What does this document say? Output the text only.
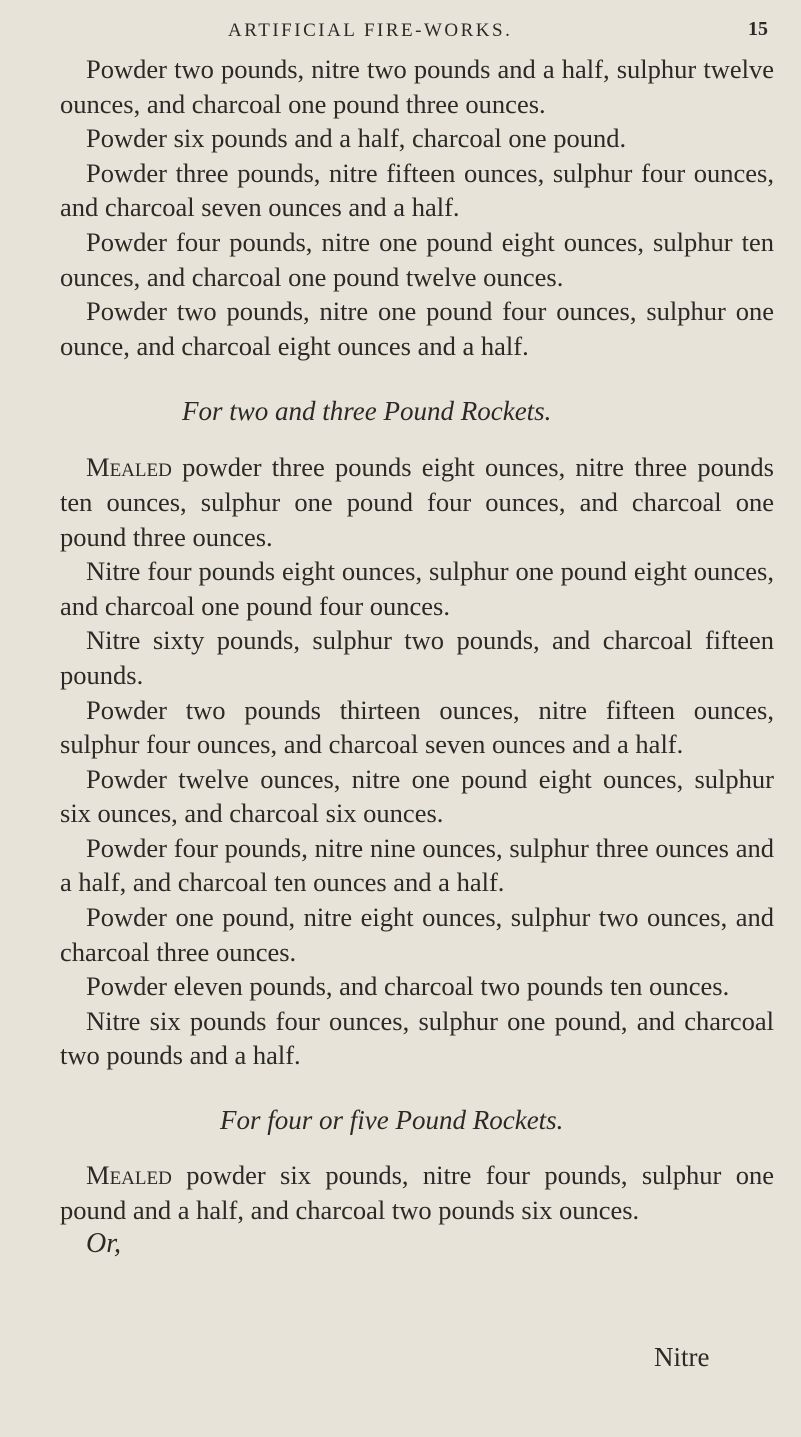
ARTIFICIAL FIRE-WORKS.	15

Powder two pounds, nitre two pounds and a half, sulphur twelve ounces, and charcoal one pound three ounces.

Powder six pounds and a half, charcoal one pound.

Powder three pounds, nitre fifteen ounces, sulphur four ounces, and charcoal seven ounces and a half.

Powder four pounds, nitre one pound eight ounces, sulphur ten ounces, and charcoal one pound twelve ounces.

Powder two pounds, nitre one pound four ounces, sulphur one ounce, and charcoal eight ounces and a half.

For two and three Pound Rockets.

Mealed powder three pounds eight ounces, nitre three pounds ten ounces, sulphur one pound four ounces, and charcoal one pound three ounces.

Nitre four pounds eight ounces, sulphur one pound eight ounces, and charcoal one pound four ounces.

Nitre sixty pounds, sulphur two pounds, and charcoal fifteen pounds.

Powder two pounds thirteen ounces, nitre fifteen ounces, sulphur four ounces, and charcoal seven ounces and a half.

Powder twelve ounces, nitre one pound eight ounces, sulphur six ounces, and charcoal six ounces.

Powder four pounds, nitre nine ounces, sulphur three ounces and a half, and charcoal ten ounces and a half.

Powder one pound, nitre eight ounces, sulphur two ounces, and charcoal three ounces.

Powder eleven pounds, and charcoal two pounds ten ounces.

Nitre six pounds four ounces, sulphur one pound, and charcoal two pounds and a half.

For four or five Pound Rockets.

Mealed powder six pounds, nitre four pounds, sulphur one pound and a half, and charcoal two pounds six ounces.

Or,

Nitre
